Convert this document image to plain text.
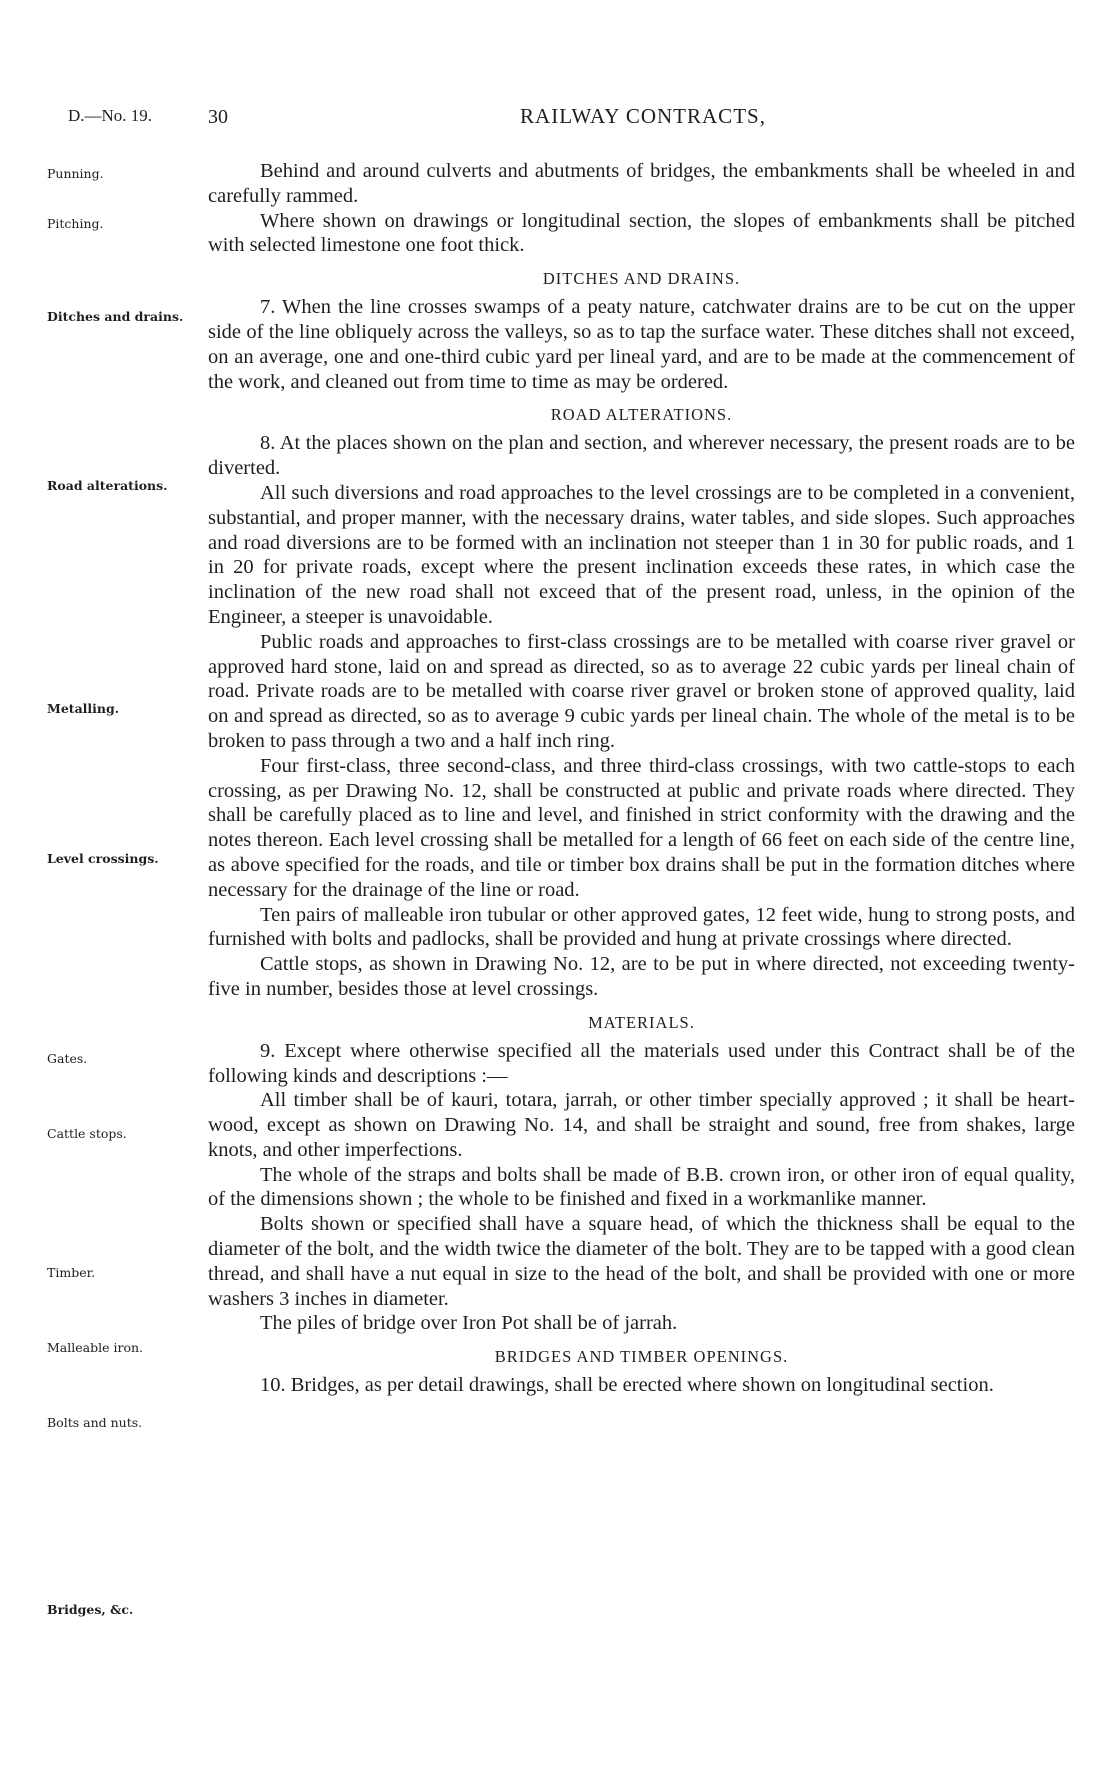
D.—No. 19.	30	RAILWAY CONTRACTS,
Punning.
Pitching.
Ditches and drains.
Road alterations.
Metalling.
Level crossings.
Gates.
Cattle stops.
Timber.
Malleable iron.
Bolts and nuts.
Bridges, &c.

Behind and around culverts and abutments of bridges, the embankments shall be wheeled in and carefully rammed.

Where shown on drawings or longitudinal section, the slopes of embankments shall be pitched with selected limestone one foot thick.

DITCHES AND DRAINS.

7. When the line crosses swamps of a peaty nature, catchwater drains are to be cut on the upper side of the line obliquely across the valleys, so as to tap the surface water. These ditches shall not exceed, on an average, one and one-third cubic yard per lineal yard, and are to be made at the commencement of the work, and cleaned out from time to time as may be ordered.

ROAD ALTERATIONS.

8. At the places shown on the plan and section, and wherever necessary, the present roads are to be diverted.

All such diversions and road approaches to the level crossings are to be completed in a convenient, substantial, and proper manner, with the necessary drains, water tables, and side slopes. Such approaches and road diversions are to be formed with an inclination not steeper than 1 in 30 for public roads, and 1 in 20 for private roads, except where the present inclination exceeds these rates, in which case the inclination of the new road shall not exceed that of the present road, unless, in the opinion of the Engineer, a steeper is unavoidable.

Public roads and approaches to first-class crossings are to be metalled with coarse river gravel or approved hard stone, laid on and spread as directed, so as to average 22 cubic yards per lineal chain of road. Private roads are to be metalled with coarse river gravel or broken stone of approved quality, laid on and spread as directed, so as to average 9 cubic yards per lineal chain. The whole of the metal is to be broken to pass through a two and a half inch ring.

Four first-class, three second-class, and three third-class crossings, with two cattle-stops to each crossing, as per Drawing No. 12, shall be constructed at public and private roads where directed. They shall be carefully placed as to line and level, and finished in strict conformity with the drawing and the notes thereon. Each level crossing shall be metalled for a length of 66 feet on each side of the centre line, as above specified for the roads, and tile or timber box drains shall be put in the formation ditches where necessary for the drainage of the line or road.

Ten pairs of malleable iron tubular or other approved gates, 12 feet wide, hung to strong posts, and furnished with bolts and padlocks, shall be provided and hung at private crossings where directed.

Cattle stops, as shown in Drawing No. 12, are to be put in where directed, not exceeding twenty-five in number, besides those at level crossings.

MATERIALS.

9. Except where otherwise specified all the materials used under this Contract shall be of the following kinds and descriptions :—

All timber shall be of kauri, totara, jarrah, or other timber specially approved ; it shall be heart-wood, except as shown on Drawing No. 14, and shall be straight and sound, free from shakes, large knots, and other imperfections.

The whole of the straps and bolts shall be made of B.B. crown iron, or other iron of equal quality, of the dimensions shown ; the whole to be finished and fixed in a workmanlike manner.

Bolts shown or specified shall have a square head, of which the thickness shall be equal to the diameter of the bolt, and the width twice the diameter of the bolt. They are to be tapped with a good clean thread, and shall have a nut equal in size to the head of the bolt, and shall be provided with one or more washers 3 inches in diameter.

The piles of bridge over Iron Pot shall be of jarrah.

BRIDGES AND TIMBER OPENINGS.

10. Bridges, as per detail drawings, shall be erected where shown on longitudinal section.
